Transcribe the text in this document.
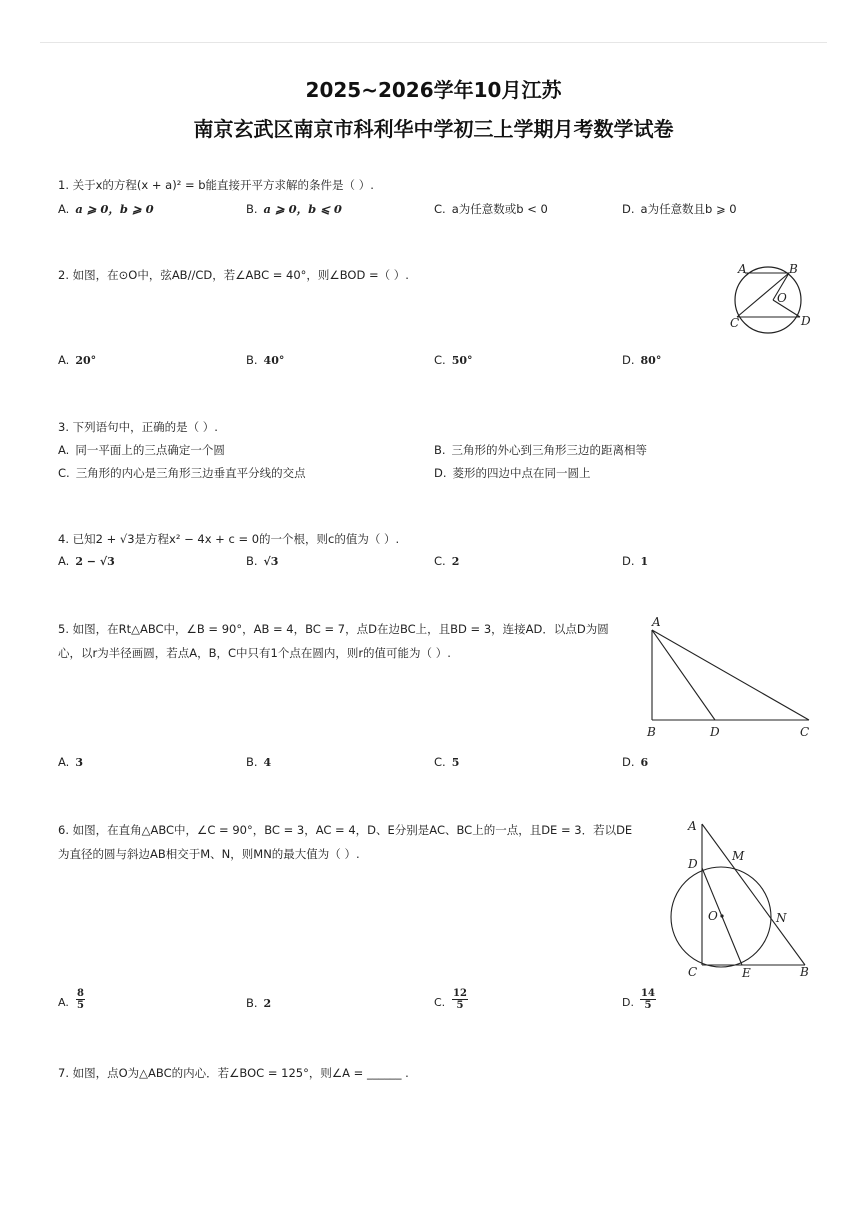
2025~2026学年10月江苏
南京玄武区南京市科利华中学初三上学期月考数学试卷
1. 关于x的方程(x + a)² = b能直接开平方求解的条件是（ ）.
A. a ⩾ 0，b ⩾ 0	B. a ⩾ 0，b ⩽ 0	C. a为任意数或b < 0	D. a为任意数且b ⩾ 0
2. 如图，在⊙O中，弦AB//CD，若∠ABC = 40°，则∠BOD =（ ）.	A	B
O
C	D
A. 20°	B. 40°	C. 50°	D. 80°
3. 下列语句中，正确的是（ ）.
A. 同一平面上的三点确定一个圆	B. 三角形的外心到三角形三边的距离相等
C. 三角形的内心是三角形三边垂直平分线的交点	D. 菱形的四边中点在同一圆上
4. 已知2 + √3是方程x² − 4x + c = 0的一个根，则c的值为（ ）.
A. 2 − √3	B. √3	C. 2	D. 1
5. 如图，在Rt△ABC中，∠B = 90°，AB = 4，BC = 7，点D在边BC上，且BD = 3，连接AD．以点D为圆
心，以r为半径画圆，若点A，B，C中只有1个点在圆内，则r的值可能为（ ）.
A
B	D	C
A. 3	B. 4	C. 5	D. 6
6. 如图，在直角△ABC中，∠C = 90°，BC = 3，AC = 4，D、E分别是AC、BC上的一点，且DE = 3．若以DE
为直径的圆与斜边AB相交于M、N，则MN的最大值为（ ）.
A
D
M
O	N
C	E	B
A. $\frac{8}{5}$	B. 2	C. $\frac{12}{5}$	D. $\frac{14}{5}$
7. 如图，点O为△ABC的内心．若∠BOC = 125°，则∠A = ______ .
